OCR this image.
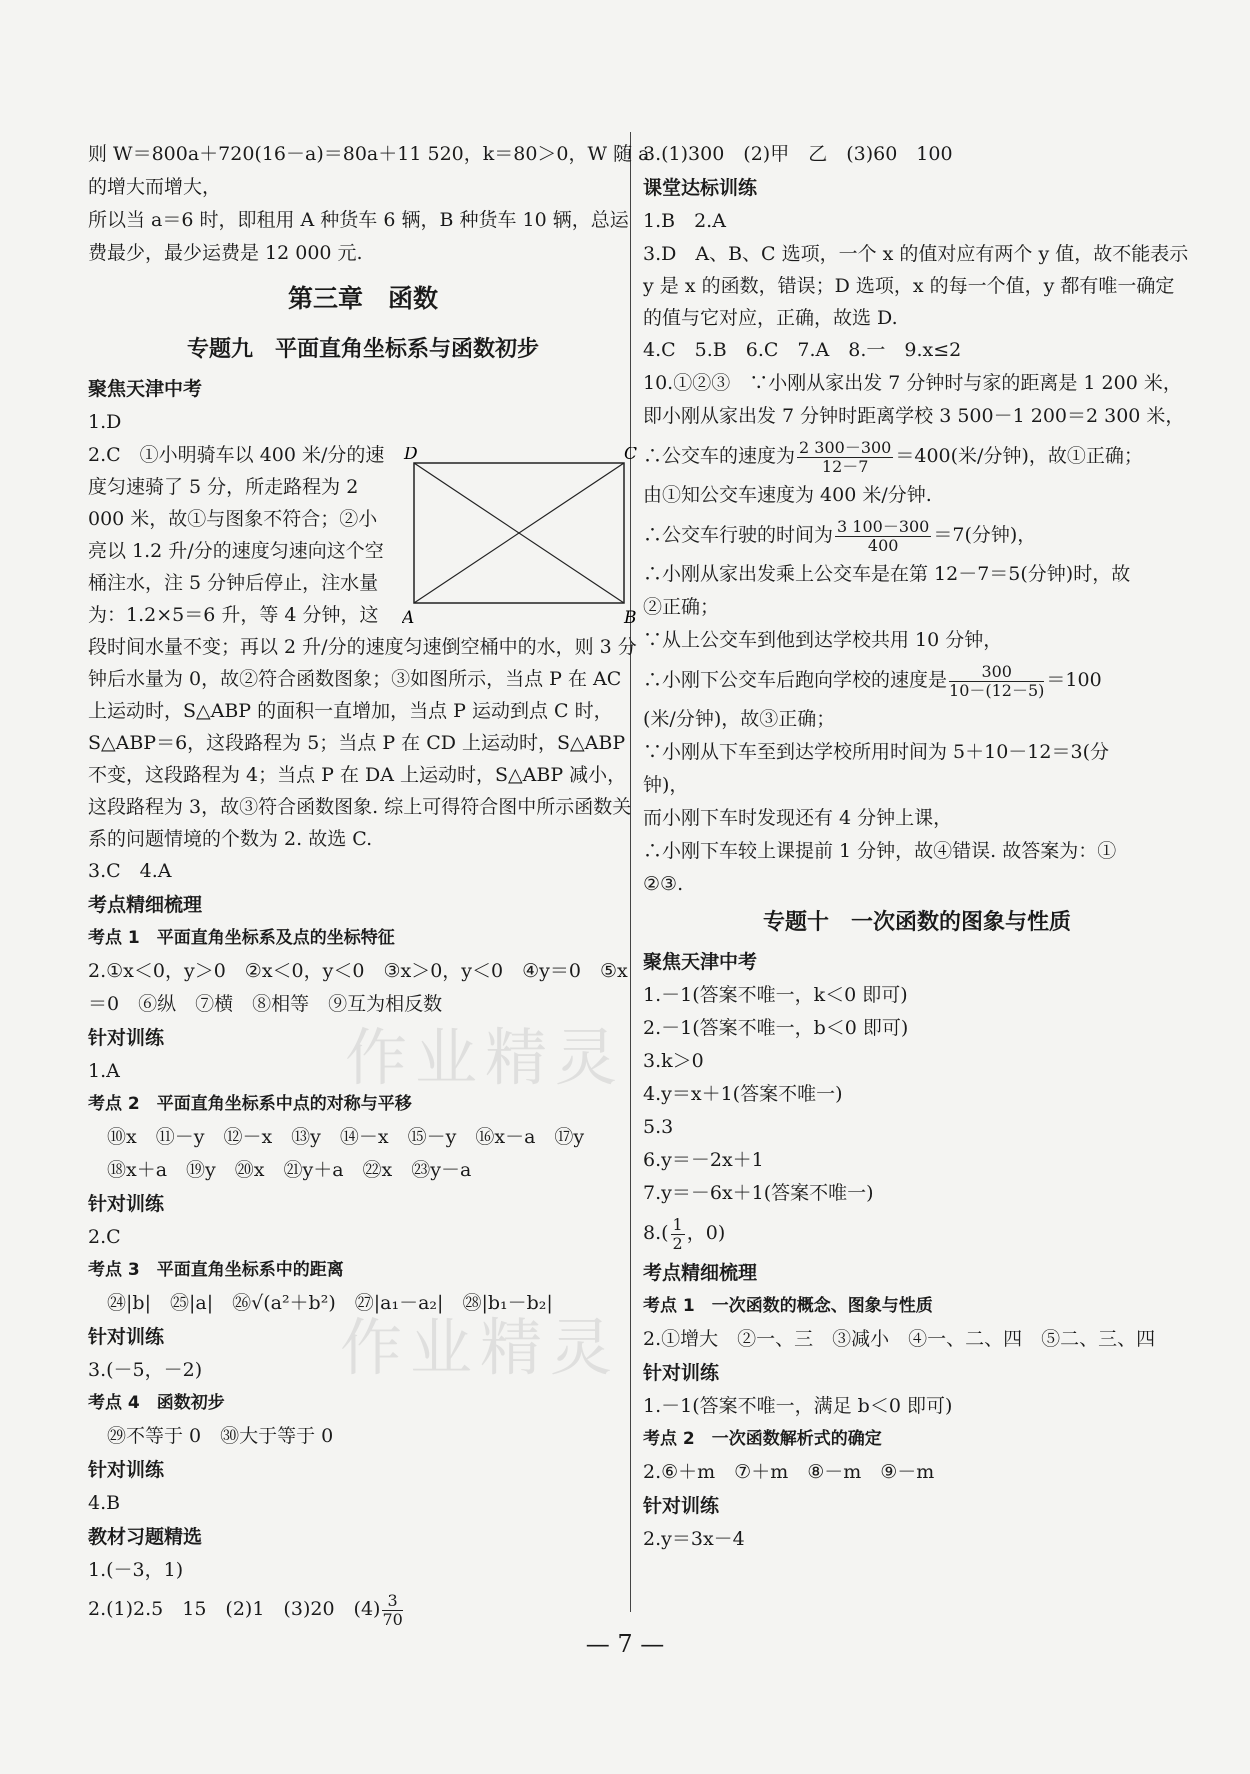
作业精灵
作业精灵
则 W＝800a＋720(16－a)＝80a＋11 520，k＝80＞0，W 随 a
的增大而增大，
所以当 a＝6 时，即租用 A 种货车 6 辆，B 种货车 10 辆，总运
费最少，最少运费是 12 000 元.
第三章　函数
专题九　平面直角坐标系与函数初步
聚焦天津中考
1.D
D	C
A	B
2.C　①小明骑车以 400 米/分的速度匀速骑了 5 分，所走路程为 2 000 米，故①与图象不符合；②小亮以 1.2 升/分的速度匀速向这个空桶注水，注 5 分钟后停止，注水量为：1.2×5＝6 升，等 4 分钟，这段时间水量不变；再以 2 升/分的速度匀速倒空桶中的水，则 3 分钟后水量为 0，故②符合函数图象；③如图所示，当点 P 在 AC 上运动时，S△ABP 的面积一直增加，当点 P 运动到点 C 时，S△ABP＝6，这段路程为 5；当点 P 在 CD 上运动时，S△ABP 不变，这段路程为 4；当点 P 在 DA 上运动时，S△ABP 减小，这段路程为 3，故③符合函数图象. 综上可得符合图中所示函数关系的问题情境的个数为 2. 故选 C.
3.C　4.A
考点精细梳理
考点 1　平面直角坐标系及点的坐标特征
2.①x＜0，y＞0　②x＜0，y＜0　③x＞0，y＜0　④y＝0　⑤x
＝0　⑥纵　⑦横　⑧相等　⑨互为相反数
针对训练
1.A
考点 2　平面直角坐标系中点的对称与平移
　⑩x　⑪－y　⑫－x　⑬y　⑭－x　⑮－y　⑯x－a　⑰y
　⑱x＋a　⑲y　⑳x　㉑y＋a　㉒x　㉓y－a
针对训练
2.C
考点 3　平面直角坐标系中的距离
　㉔|b|　㉕|a|　㉖√(a²＋b²)　㉗|a₁－a₂|　㉘|b₁－b₂|
针对训练
3.(－5，－2)
考点 4　函数初步
　㉙不等于 0　㉚大于等于 0
针对训练
4.B
教材习题精选
1.(－3，1)
2.(1)2.5　15　(2)1　(3)20　$(4) \frac{3}{70}$
3.(1)300　(2)甲　乙　(3)60　100
课堂达标训练
1.B　2.A
3.D　A、B、C 选项，一个 x 的值对应有两个 y 值，故不能表示 y 是 x 的函数，错误；D 选项，x 的每一个值，y 都有唯一确定的值与它对应，正确，故选 D.
4.C　5.B　6.C　7.A　8.一　9.x≤2
10.①②③　∵小刚从家出发 7 分钟时与家的距离是 1 200 米，
即小刚从家出发 7 分钟时距离学校 3 500－1 200＝2 300 米，
∴公交车的速度为 $\frac{2 300-300}{12-7} =400$(米/分钟)，故①正确；
由①知公交车速度为 400 米/分钟.
∴公交车行驶的时间为 $\frac{3 100-300}{400} =7$(分钟)，
∴小刚从家出发乘上公交车是在第 12－7＝5(分钟)时，故
②正确；
∵从上公交车到他到达学校共用 10 分钟，
∴小刚下公交车后跑向学校的速度是 $\frac{300}{10-(12-5)} =100$
(米/分钟)，故③正确；
∵小刚从下车至到达学校所用时间为 5＋10－12＝3(分
钟)，
而小刚下车时发现还有 4 分钟上课，
∴小刚下车较上课提前 1 分钟，故④错误. 故答案为：①
②③.
专题十　一次函数的图象与性质
聚焦天津中考
1.－1(答案不唯一，k＜0 即可)
2.－1(答案不唯一，b＜0 即可)
3.k＞0
4.y＝x＋1(答案不唯一)
5.3
6.y＝－2x＋1
7.y＝－6x＋1(答案不唯一)
$8.( \frac{1}{2}$ ，0)
考点精细梳理
考点 1　一次函数的概念、图象与性质
2.①增大　②一、三　③减小　④一、二、四　⑤二、三、四
针对训练
1.－1(答案不唯一，满足 b＜0 即可)
考点 2　一次函数解析式的确定
2.⑥＋m　⑦＋m　⑧－m　⑨－m
针对训练
2.y＝3x－4
— 7 —
